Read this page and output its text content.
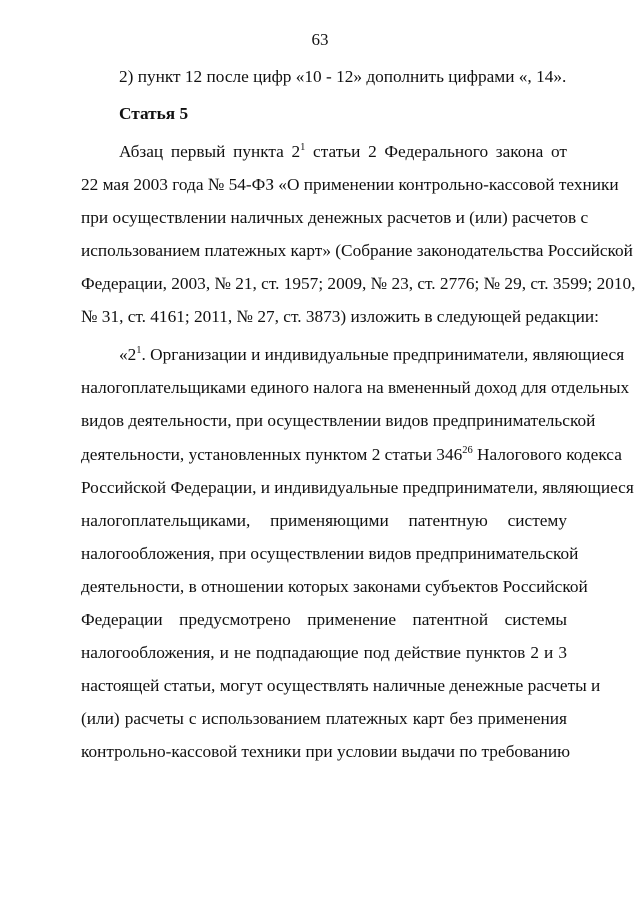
63
2) пункт 12 после цифр «10 - 12» дополнить цифрами «, 14».
Статья 5
Абзац первый пункта $2^1$ статьи 2 Федерального закона от
22 мая 2003 года № 54-ФЗ «О применении контрольно-кассовой техники
при осуществлении наличных денежных расчетов и (или) расчетов с
использованием платежных карт» (Собрание законодательства Российской
Федерации, 2003, № 21, ст. 1957; 2009, № 23, ст. 2776; № 29, ст. 3599; 2010,
№ 31, ст. 4161; 2011, № 27, ст. 3873) изложить в следующей редакции:
«$2^1$. Организации и индивидуальные предприниматели, являющиеся
налогоплательщиками единого налога на вмененный доход для отдельных
видов деятельности, при осуществлении видов предпринимательской
деятельности, установленных пунктом 2 статьи $346^{26}$ Налогового кодекса
Российской Федерации, и индивидуальные предприниматели, являющиеся
налогоплательщиками, применяющими патентную систему
налогообложения, при осуществлении видов предпринимательской
деятельности, в отношении которых законами субъектов Российской
Федерации предусмотрено применение патентной системы
налогообложения, и не подпадающие под действие пунктов 2 и 3
настоящей статьи, могут осуществлять наличные денежные расчеты и
(или) расчеты с использованием платежных карт без применения
контрольно-кассовой техники при условии выдачи по требованию
